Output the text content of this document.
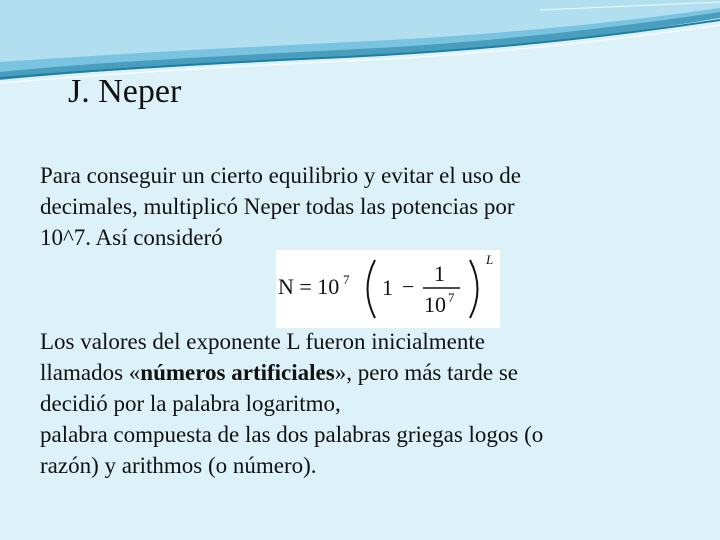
J. Neper
Para conseguir un cierto equilibrio y evitar el uso de
decimales, multiplicó Neper todas las potencias por
10^7. Así consideró
N = 10 7 1 −
1
10 7
L
Los valores del exponente L fueron inicialmente
llamados «números artificiales», pero más tarde se
decidió por la palabra logaritmo,
palabra compuesta de las dos palabras griegas logos (o
razón) y arithmos (o número).
